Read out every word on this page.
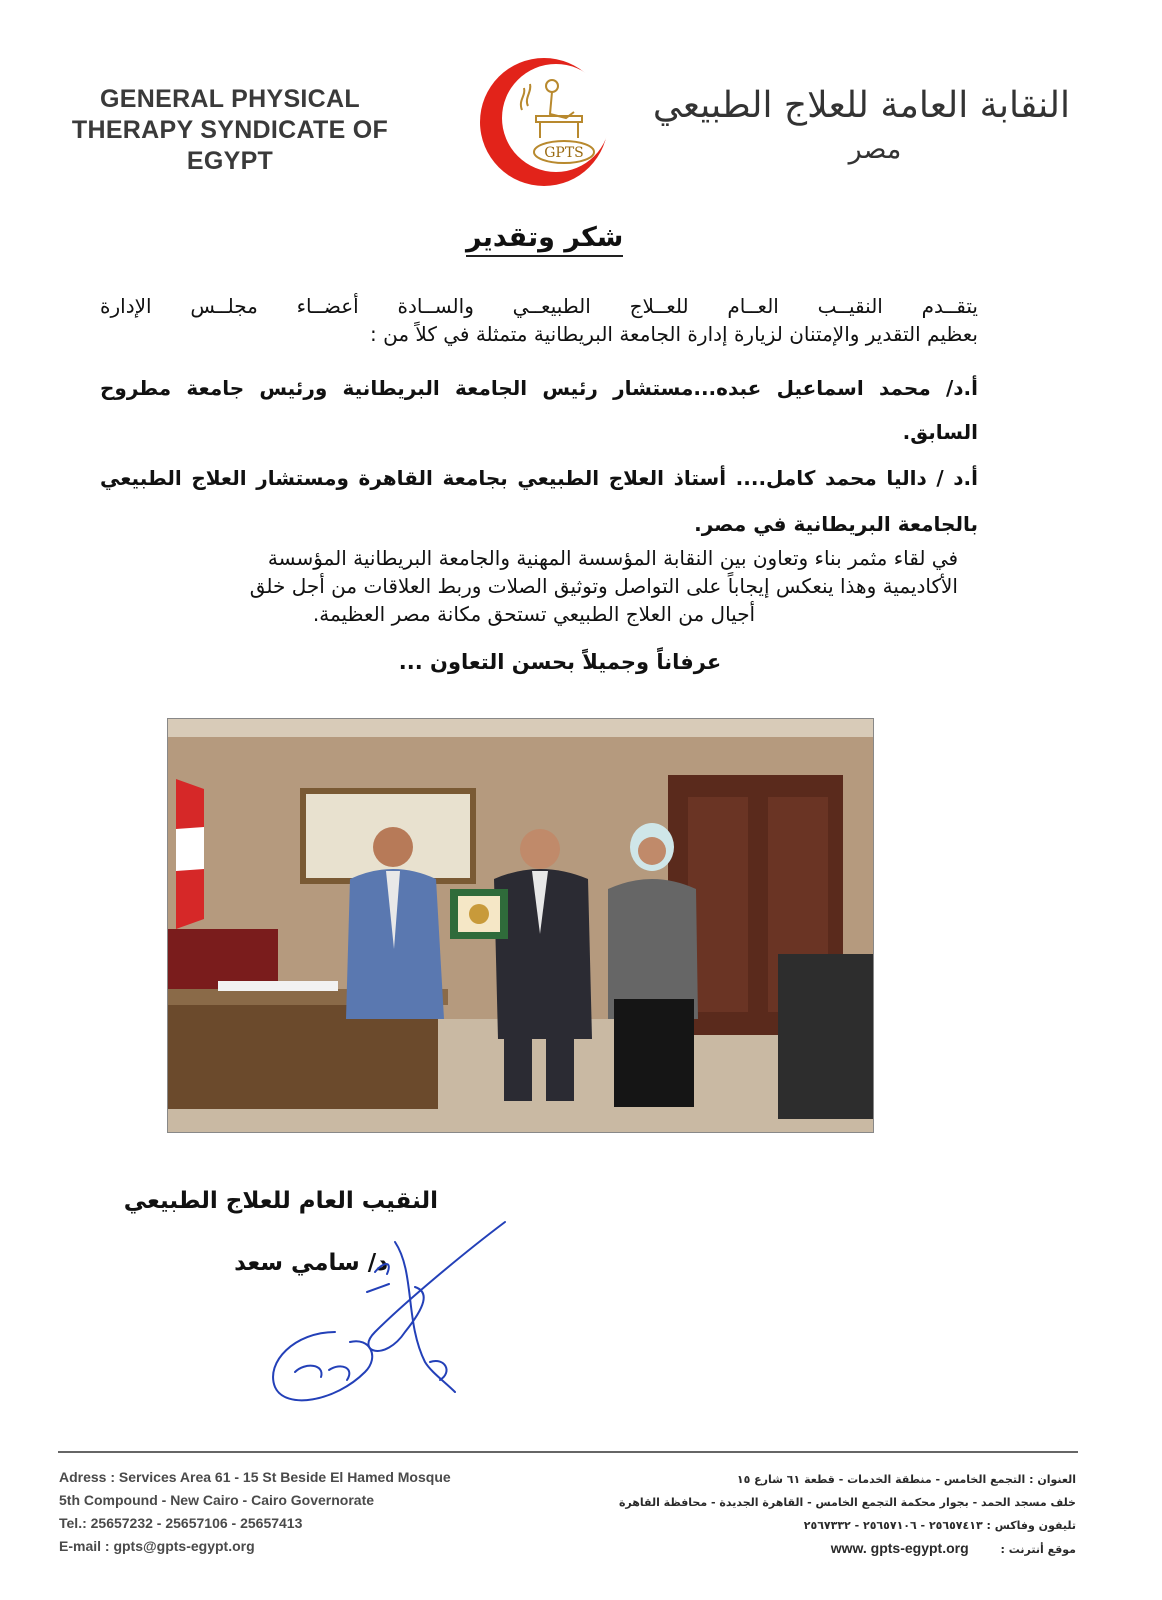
GENERAL PHYSICAL
THERAPY SYNDICATE OF
EGYPT	GPTS
النقابة العامة للعلاج الطبيعي
مصر
شكر وتقدير
يتقــدم النقيــب العــام للعــلاج الطبيعــي والســادة أعضــاء مجلــس الإدارة
بعظيم التقدير والإمتنان لزيارة إدارة الجامعة البريطانية متمثلة في كلاً من :
أ.د/ محمد اسماعيل عبده...مستشار رئيس الجامعة البريطانية ورئيس جامعة مطروح
السابق.
أ.د / داليا محمد كامل.... أستاذ العلاج الطبيعي بجامعة القاهرة ومستشار العلاج الطبيعي
بالجامعة البريطانية في مصر.
في لقاء مثمر بناء وتعاون بين النقابة المؤسسة المهنية والجامعة البريطانية المؤسسة
الأكاديمية وهذا ينعكس إيجاباً على التواصل وتوثيق الصلات وربط العلاقات من أجل خلق
أجيال من العلاج الطبيعي تستحق مكانة مصر العظيمة.
عرفاناً وجميلاً بحسن التعاون ...
النقيب العام للعلاج الطبيعي
د/ سامي سعد
Adress : Services Area 61 - 15 St Beside El Hamed Mosque
5th Compound - New Cairo - Cairo Governorate
Tel.: 25657232 - 25657106 - 25657413
E-mail : gpts@gpts-egypt.org
العنوان : التجمع الخامس - منطقة الخدمات - قطعة ٦١ شارع ١٥
خلف مسجد الحمد - بجوار محكمة التجمع الخامس - القاهرة الجديدة - محافظة القاهرة
تليفون وفاكس : ٢٥٦٥٧٤١٣ - ٢٥٦٥٧١٠٦ - ٢٥٦٧٣٣٢
موقع أنترنت : www. gpts-egypt.org
